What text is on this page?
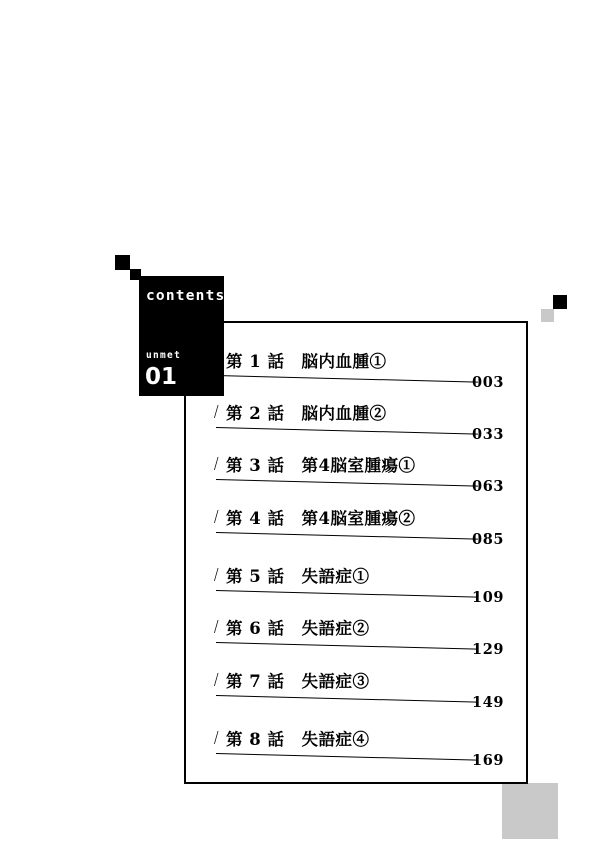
contents
unmet
01
/ 第 1 話　脳内血腫①
003
/ 第 2 話　脳内血腫②
033
/ 第 3 話　第4脳室腫瘍①
063
/ 第 4 話　第4脳室腫瘍②
085
/ 第 5 話　失語症①
109
/ 第 6 話　失語症②
129
/ 第 7 話　失語症③
149
/ 第 8 話　失語症④
169
